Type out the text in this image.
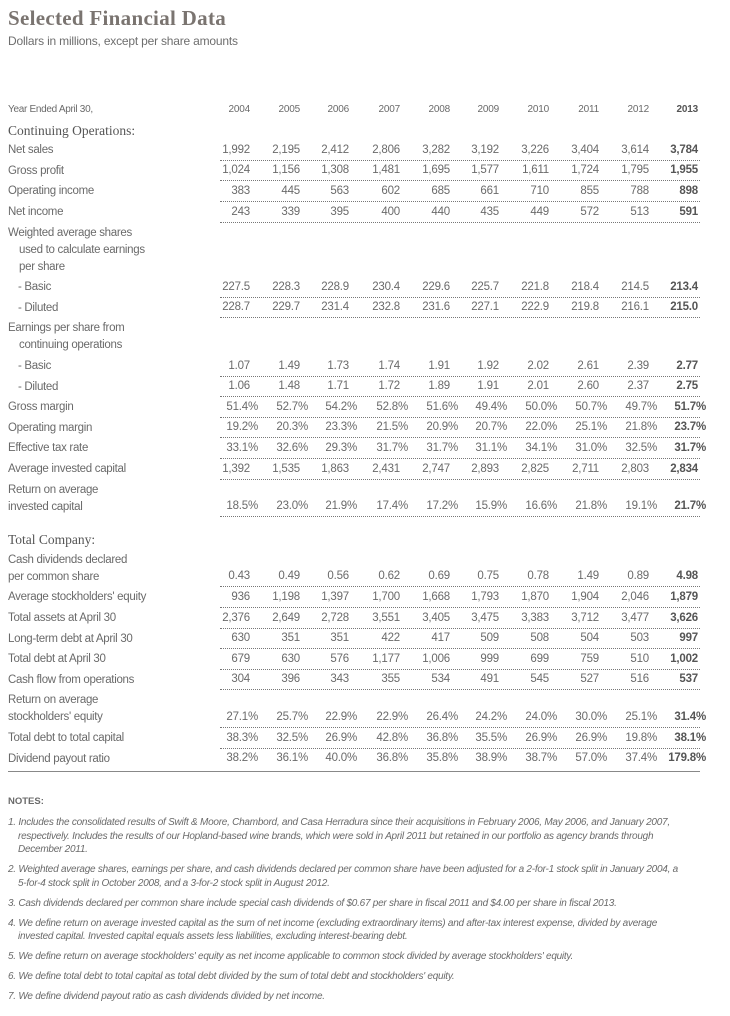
Selected Financial Data
Dollars in millions, except per share amounts
Year Ended April 30,	2004	2005	2006	2007	2008	2009	2010	2011	2012	2013
Continuing Operations:
Net sales	1,992	2,195	2,412	2,806	3,282	3,192	3,226	3,404	3,614	3,784
Gross profit	1,024	1,156	1,308	1,481	1,695	1,577	1,611	1,724	1,795	1,955
Operating income	383	445	563	602	685	661	710	855	788	898
Net income	243	339	395	400	440	435	449	572	513	591
Weighted average shares
used to calculate earnings
per share
- Basic	227.5	228.3	228.9	230.4	229.6	225.7	221.8	218.4	214.5	213.4
- Diluted	228.7	229.7	231.4	232.8	231.6	227.1	222.9	219.8	216.1	215.0
Earnings per share from
continuing operations
- Basic	1.07	1.49	1.73	1.74	1.91	1.92	2.02	2.61	2.39	2.77
- Diluted	1.06	1.48	1.71	1.72	1.89	1.91	2.01	2.60	2.37	2.75
Gross margin	51.4%	52.7%	54.2%	52.8%	51.6%	49.4%	50.0%	50.7%	49.7%	51.7%
Operating margin	19.2%	20.3%	23.3%	21.5%	20.9%	20.7%	22.0%	25.1%	21.8%	23.7%
Effective tax rate	33.1%	32.6%	29.3%	31.7%	31.7%	31.1%	34.1%	31.0%	32.5%	31.7%
Average invested capital	1,392	1,535	1,863	2,431	2,747	2,893	2,825	2,711	2,803	2,834
Return on average
invested capital	18.5%	23.0%	21.9%	17.4%	17.2%	15.9%	16.6%	21.8%	19.1%	21.7%
Total Company:
Cash dividends declared
per common share	0.43	0.49	0.56	0.62	0.69	0.75	0.78	1.49	0.89	4.98
Average stockholders' equity	936	1,198	1,397	1,700	1,668	1,793	1,870	1,904	2,046	1,879
Total assets at April 30	2,376	2,649	2,728	3,551	3,405	3,475	3,383	3,712	3,477	3,626
Long-term debt at April 30	630	351	351	422	417	509	508	504	503	997
Total debt at April 30	679	630	576	1,177	1,006	999	699	759	510	1,002
Cash flow from operations	304	396	343	355	534	491	545	527	516	537
Return on average
stockholders' equity	27.1%	25.7%	22.9%	22.9%	26.4%	24.2%	24.0%	30.0%	25.1%	31.4%
Total debt to total capital	38.3%	32.5%	26.9%	42.8%	36.8%	35.5%	26.9%	26.9%	19.8%	38.1%
Dividend payout ratio	38.2%	36.1%	40.0%	36.8%	35.8%	38.9%	38.7%	57.0%	37.4% 179.8%
NOTES:
1. Includes the consolidated results of Swift & Moore, Chambord, and Casa Herradura since their acquisitions in February 2006, May 2006, and January 2007, respectively. Includes the results of our Hopland-based wine brands, which were sold in April 2011 but retained in our portfolio as agency brands through December 2011.
2. Weighted average shares, earnings per share, and cash dividends declared per common share have been adjusted for a 2-for-1 stock split in January 2004, a 5-for-4 stock split in October 2008, and a 3-for-2 stock split in August 2012.
3. Cash dividends declared per common share include special cash dividends of $0.67 per share in fiscal 2011 and $4.00 per share in fiscal 2013.
4. We define return on average invested capital as the sum of net income (excluding extraordinary items) and after-tax interest expense, divided by average invested capital. Invested capital equals assets less liabilities, excluding interest-bearing debt.
5. We define return on average stockholders' equity as net income applicable to common stock divided by average stockholders' equity.
6. We define total debt to total capital as total debt divided by the sum of total debt and stockholders' equity.
7. We define dividend payout ratio as cash dividends divided by net income.
